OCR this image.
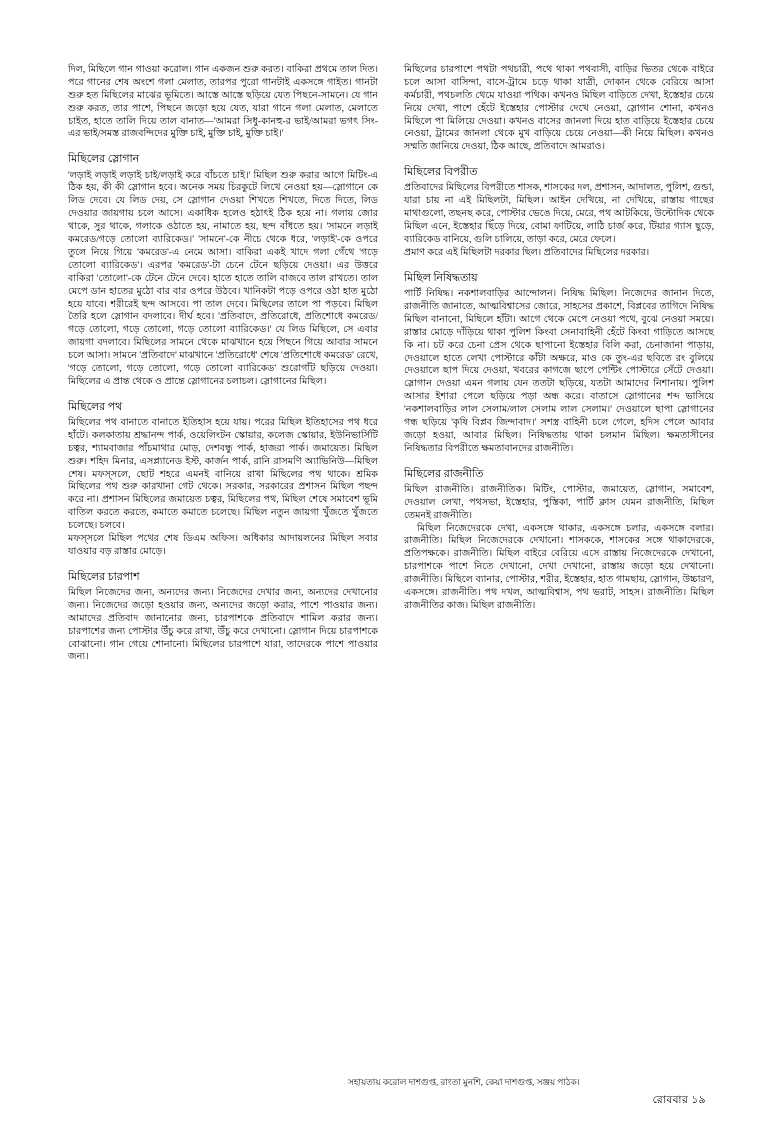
দিল, মিছিলে গান গাওয়া করোল। গান একজন শুরু করত। বাকিরা প্রথমে তাল দিত। পরে গানের শেষ অংশে গলা মেলাত, তারপর পুরো গানটাই একসঙ্গে গাইত। গানটা শুরু হত মিছিলের মাঝের ভূমিতে। আস্তে আস্তে ছড়িয়ে যেত পিছনে-সামনে। যে গান শুরু করত, তার পাশে, পিছনে জড়ো হয়ে যেত, যারা গানে গলা মেলাত, মেলাতে চাইত, হাতে তালি দিয়ে তাল বানাত—'আমরা সিধু-কানহু-র ভাই/আমরা ভগৎ সিং-এর ভাই/সমস্ত রাজবন্দিদের মুক্তি চাই, মুক্তি চাই, মুক্তি চাই।'

মিছিলের স্লোগান

'লড়াই লড়াই লড়াই চাই/লড়াই করে বাঁচতে চাই।' মিছিল শুরু করার আগে মিটিং-এ ঠিক হয়, কী কী স্লোগান হবে। অনেক সময় চিরকুটে লিখে নেওয়া হয়—স্লোগানে কে লিড দেবে। যে লিড দেয়, সে স্লোগান দেওয়া শিখতে শিখতে, দিতে দিতে, লিড দেওয়ার জায়গায় চলে আসে। একাধিক হলেও হঠাৎই ঠিক হয়ে না। গলায় জোর থাকে, সুর থাকে, গলাকে ওঠাতে হয়, নামাতে হয়, ছন্দ বাঁধতে হয়। 'সামনে লড়াই কমরেড/গড়ে তোলো ব্যারিকেড।' 'সামনে'-কে নীচে থেকে ধরে, 'লড়াই'-কে ওপরে তুলে নিয়ে গিয়ে 'কমরেড'-এ নেমে আসা। বাকিরা একই খাদে গলা গেঁথে 'গড়ে তোলো ব্যারিকেড'। এরপর 'কমরেড'-টা চেনে টেনে ছড়িয়ে দেওয়া। এর উত্তরে বাকিরা 'তোলো'-কে টেনে টেনে দেবে। হাতে হাতে তালি বাজবে তাল রাখতে। তাল মেপে ডান হাতের মুঠো বার বার ওপরে উঠবে। খানিকটা পড়ে ওপরে ওঠা হাত মুঠো হয়ে যাবে। শরীরেই ছন্দ আসবে। পা তাল দেবে। মিছিলের তালে পা পড়বে। মিছিল তৈরি হলে স্লোগান বদলাবে। দীর্ঘ হবে। 'প্রতিবাদে, প্রতিরোধে, প্রতিশোধে কমরেড/গড়ে তোলো, গড়ে তোলো, গড়ে তোলো ব্যারিকেড।' যে লিড মিছিলে, সে এবার জায়গা বদলাবে। মিছিলের সামনে থেকে মাঝখানে হয়ে পিছনে গিয়ে আবার সামনে চলে আসা। সামনে 'প্রতিবাদে' মাঝখানে 'প্রতিরোধে' শেষে 'প্রতিশোধে কমরেড' রেখে, 'গড়ে তোলো, গড়ে তোলো, গড়ে তোলো ব্যারিকেড' শুরোগাঁট ছড়িয়ে দেওয়া। মিছিলের এ প্রান্ত থেকে ও প্রান্তে স্লোগানের চলাচল। স্লোগানের মিছিল।

মিছিলের পথ

মিছিলের পথ বানাতে বানাতে ইতিহাস হয়ে যায়। পরের মিছিল ইতিহাসের পথ ধরে হাঁটে। কলকাতায় শ্রদ্ধানন্দ পার্ক, ওয়েলিংটন স্কোয়ার, কলেজ স্কোয়ার, ইউনিভার্সিটি চত্বর, শ্যামবাজার পাঁচমাথার মোড়, দেশবন্ধু পার্ক, হাজরা পার্ক। জমায়েত। মিছিল শুরু। শহিদ মিনার, এসপ্ল্যানেড ইস্ট, কার্জন পার্ক, রানি রাসমণি অ্যাভিনিউ—মিছিল শেষ। মফস্সলে, ছোট শহরে এমনই বানিয়ে রাখা মিছিলের পথ থাকে। শ্রমিক মিছিলের পথ শুরু কারখানা গেট থেকে। সরকার, সরকারের প্রশাসন মিছিল পছন্দ করে না। প্রশাসন মিছিলের জমায়েত চত্বর, মিছিলের পথ, মিছিল শেষে সমাবেশ ভূমি বাতিল করতে করতে, কমাতে কমাতে চলেছে। মিছিল নতুন জায়গা খুঁজতে খুঁজতে চলেছে। চলবে।

মফস্সলে মিছিল পথের শেষ ডিএম অফিস। অধিকার আদায়লনের মিছিল সবার যাওয়ার বড় রাস্তার মোড়ে।

মিছিলের চারপাশ

মিছিল নিজেদের জন্য, অন্যদের জন্য। নিজেদের দেখার জন্য, অন্যদের দেখানোর জন্য। নিজেদের জড়ো হওয়ার জন্য, অন্যদের জড়ো করার, পাশে পাওয়ার জন্য। আমাদের প্রতিবাদ জানানোর জন্য, চারপাশকে প্রতিবাদে শামিল করার জন্য। চারপাশের জন্য পোস্টার উঁচু করে রাখা, উঁচু করে দেখানো। স্লোগান দিয়ে চারপাশকে বোঝানো। গান গেয়ে শোনানো। মিছিলের চারপাশে যারা, তাদেরকে পাশে পাওয়ার জন্য।

মিছিলের চারপাশে পথটা পথচারী, পথে থাকা পথবাসী, বাড়ির ভিতর থেকে বাইরে চলে আসা বাসিন্দা, বাসে-ট্রামে চড়ে থাকা যাত্রী, দোকান থেকে বেরিয়ে আসা কর্মচারী, পথচলতি থেমে যাওয়া পথিক। কখনও মিছিল বাড়িতে দেখা, ইস্তেহার চেয়ে নিয়ে দেখা, পাশে হেঁটে ইস্তেহার পোস্টার দেখে নেওয়া, স্লোগান শোনা, কখনও মিছিলে পা মিলিয়ে দেওয়া। কখনও বাসের জানলা দিয়ে হাত বাড়িয়ে ইস্তেহার চেয়ে নেওয়া, ট্রামের জানলা থেকে মুখ বাড়িয়ে চেয়ে নেওয়া—কী নিয়ে মিছিল। কখনও সম্মতি জানিয়ে দেওয়া, ঠিক আছে, প্রতিবাদে আমরাও।

মিছিলের বিপরীত

প্রতিবাদের মিছিলের বিপরীতে শাসক, শাসকের দল, প্রশাসন, আদালত, পুলিশ, গুন্ডা, যারা চায় না এই মিছিলটা, মিছিল। আইন দেখিয়ে, না দেখিয়ে, রাস্তায় গাছের মাথাগুলো, তছনছ করে, পোস্টার ভেঙে দিয়ে, মেরে, পথ আটকিয়ে, উল্টোদিক থেকে মিছিল এনে, ইস্তেহার ছিঁড়ে দিয়ে, বোমা ফাটিয়ে, লাঠি চার্জ করে, টিয়ার গ্যাস ছুড়ে, ব্যারিকেড বানিয়ে, গুলি চালিয়ে, তাড়া করে, মেরে ফেলে।

প্রমাণ করে এই মিছিলটা দরকার ছিল। প্রতিবাদের মিছিলের দরকার।

মিছিল নিষিদ্ধতায়

পার্টি নিষিদ্ধ। নকশালবাড়ির আন্দোলন। নিষিদ্ধ মিছিল। নিজেদের জানান দিতে, রাজনীতি জানাতে, আত্মবিশ্বাসের জোরে, সাহসের প্রকাশে, বিপ্লবের তাগিদে নিষিদ্ধ মিছিল বানানো, মিছিলে হাঁটা। আগে থেকে মেপে নেওয়া পথে, বুঝে নেওয়া সময়ে। রাস্তার মোড়ে দাঁড়িয়ে থাকা পুলিশ কিংবা সেনাবাহিনী হেঁটে কিংবা গাড়িতে আসছে কি না। চট করে চেনা প্রেস থেকে ছাপানো ইস্তেহার বিলি করা, চেনাজানা পাড়ায়, দেওয়ালে হাতে লেখা পোস্টারে কাঁটা অক্ষরে, মাও কে তুং-এর ছবিতে রং বুলিয়ে দেওয়ালে ছাপ দিয়ে দেওয়া, খবরের কাগজে ছাপে পেন্টিং পোস্টারে সেঁটে দেওয়া। স্লোগান দেওয়া এমন গলায় যেন ততটা ছড়িয়ে, যতটা আমাদের নিশানায়। পুলিশ আসার ইশারা পেলে ছড়িয়ে পড়া অন্ধ করে। বাতাসে স্লোগানের শব্দ ভাসিয়ে 'নকশালবাড়ির লাল সেলাম/লাল সেলাম লাল সেলাম।' দেওয়ালে ছাপা স্লোগানের গন্ধ ছড়িয়ে 'কৃষি বিপ্লব জিন্দাবাদ।' সশস্ত্র বাহিনী চলে গেলে, হদিস পেলে আবার জড়ো হওয়া, আবার মিছিল। নিষিদ্ধতায় থাকা চলমান মিছিল। ক্ষমতাসীনের নিষিদ্ধতার বিপরীতে ক্ষমতাবানদের রাজনীতি।

মিছিলের রাজনীতি

মিছিল রাজনীতি। রাজনীতিক। মিটিং, পোস্টার, জমায়েত, স্লোগান, সমাবেশ, দেওয়াল লেখা, পথসভা, ইস্তেহার, পুস্তিকা, পার্টি ক্লাস যেমন রাজনীতি, মিছিল তেমনই রাজনীতি।

মিছিল নিজেদেরকে দেখা, একসঙ্গে থাকার, একসঙ্গে চলার, একসঙ্গে বলার। রাজনীতি। মিছিল নিজেদেরকে দেখানো। শাসককে, শাসকের সঙ্গে থাকাদেরকে, প্রতিপক্ষকে। রাজনীতি। মিছিল বাইরে বেরিয়ে এসে রাস্তায় নিজেদেরকে দেখানো, চারপাশকে পাশে নিতে দেখানো, দেখা দেখানো, রাস্তায় জড়ো হয়ে দেখানো। রাজনীতি। মিছিলে ব্যানার, পোস্টার, শরীর, ইস্তেহার, হাত গামছায়, স্লোগান, উচ্চারণ, একসঙ্গে। রাজনীতি। পথ দখল, আত্মবিশ্বাস, পথ ভরাট, সাহস। রাজনীতি। মিছিল রাজনীতির কাজ। মিছিল রাজনীতি।

সহায়তায় করোল দাশগুপ্ত, রাংতা মুনশি, কেয়া দাশগুপ্ত, সঞ্জয় পাঠক।
রোববার ১৯
